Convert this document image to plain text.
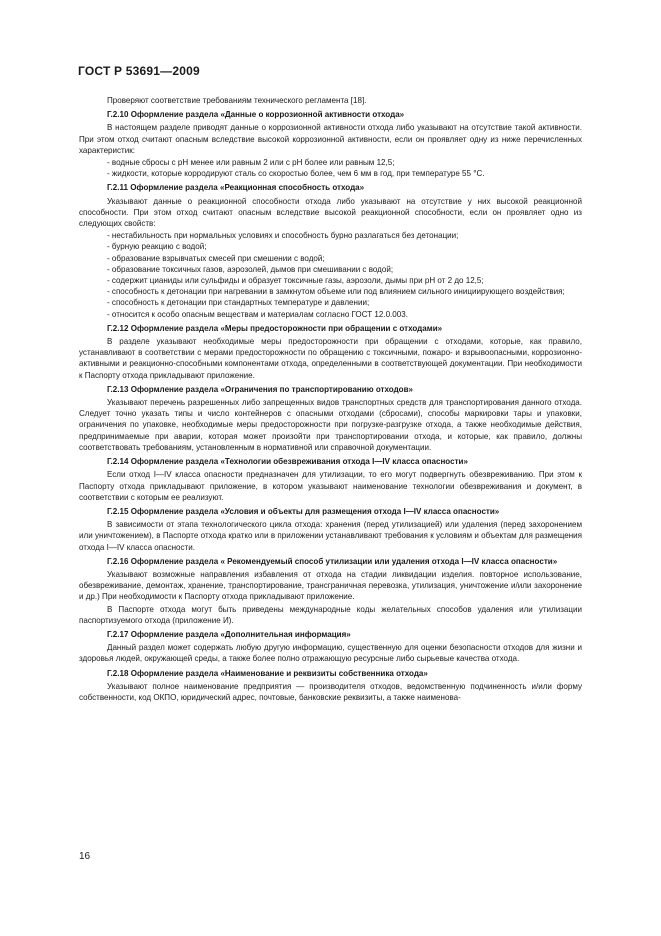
ГОСТ Р 53691—2009

Проверяют соответствие требованиям технического регламента [18].

Г.2.10 Оформление раздела «Данные о коррозионной активности отхода»

В настоящем разделе приводят данные о коррозионной активности отхода либо указывают на отсутствие такой активности. При этом отход считают опасным вследствие высокой коррозионной активности, если он проявляет одну из ниже перечисленных характеристик:

- водные сбросы с pH менее или равным 2 или с pH более или равным 12,5;

- жидкости, которые корродируют сталь со скоростью более, чем 6 мм в год, при температуре 55 °С.

Г.2.11 Оформление раздела «Реакционная способность отхода»

Указывают данные о реакционной способности отхода либо указывают на отсутствие у них высокой реакционной способности. При этом отход считают опасным вследствие высокой реакционной способности, если он проявляет одно из следующих свойств:

- нестабильность при нормальных условиях и способность бурно разлагаться без детонации;

- бурную реакцию с водой;

- образование взрывчатых смесей при смешении с водой;

- образование токсичных газов, аэрозолей, дымов при смешивании с водой;

- содержит цианиды или сульфиды и образует токсичные газы, аэрозоли, дымы при pH от 2 до 12,5;

- способность к детонации при нагревании в замкнутом объеме или под влиянием сильного инициирующего воздействия;

- способность к детонации при стандартных температуре и давлении;

- относится к особо опасным веществам и материалам согласно ГОСТ 12.0.003.

Г.2.12 Оформление раздела «Меры предосторожности при обращении с отходами»

В разделе указывают необходимые меры предосторожности при обращении с отходами, которые, как правило, устанавливают в соответствии с мерами предосторожности по обращению с токсичными, пожаро- и взрывоопасными, коррозионно-активными и реакционно-способными компонентами отхода, определенными в соответствующей документации. При необходимости к Паспорту отхода прикладывают приложение.

Г.2.13 Оформление раздела «Ограничения по транспортированию отходов»

Указывают перечень разрешенных либо запрещенных видов транспортных средств для транспортирования данного отхода. Следует точно указать типы и число контейнеров с опасными отходами (сбросами), способы маркировки тары и упаковки, ограничения по упаковке, необходимые меры предосторожности при погрузке-разгрузке отхода, а также необходимые действия, предпринимаемые при аварии, которая может произойти при транспортировании отхода, и которые, как правило, должны соответствовать требованиям, установленным в нормативной или справочной документации.

Г.2.14 Оформление раздела «Технологии обезвреживания отхода I—IV класса опасности»

Если отход I—IV класса опасности предназначен для утилизации, то его могут подвергнуть обезвреживанию. При этом к Паспорту отхода прикладывают приложение, в котором указывают наименование технологии обезвреживания и документ, в соответствии с которым ее реализуют.

Г.2.15 Оформление раздела «Условия и объекты для размещения отхода I—IV класса опасности»

В зависимости от этапа технологического цикла отхода: хранения (перед утилизацией) или удаления (перед захоронением или уничтожением), в Паспорте отхода кратко или в приложении устанавливают требования к условиям и объектам для размещения отхода I—IV класса опасности.

Г.2.16 Оформление раздела « Рекомендуемый способ утилизации или удаления отхода I—IV класса опасности»

Указывают возможные направления избавления от отхода на стадии ликвидации изделия. повторное использование, обезвреживание, демонтаж, хранение, транспортирование, трансграничная перевозка, утилизация, уничтожение и/или захоронение и др.) При необходимости к Паспорту отхода прикладывают приложение.

В Паспорте отхода могут быть приведены международные коды желательных способов удаления или утилизации паспортизуемого отхода (приложение И).

Г.2.17 Оформление раздела «Дополнительная информация»

Данный раздел может содержать любую другую информацию, существенную для оценки безопасности отходов для жизни и здоровья людей, окружающей среды, а также более полно отражающую ресурсные либо сырьевые качества отхода.

Г.2.18 Оформление раздела «Наименование и реквизиты собственника отхода»

Указывают полное наименование предприятия — производителя отходов, ведомственную подчиненность и/или форму собственности, код ОКПО, юридический адрес, почтовые, банковские реквизиты, а также наименова-

16
